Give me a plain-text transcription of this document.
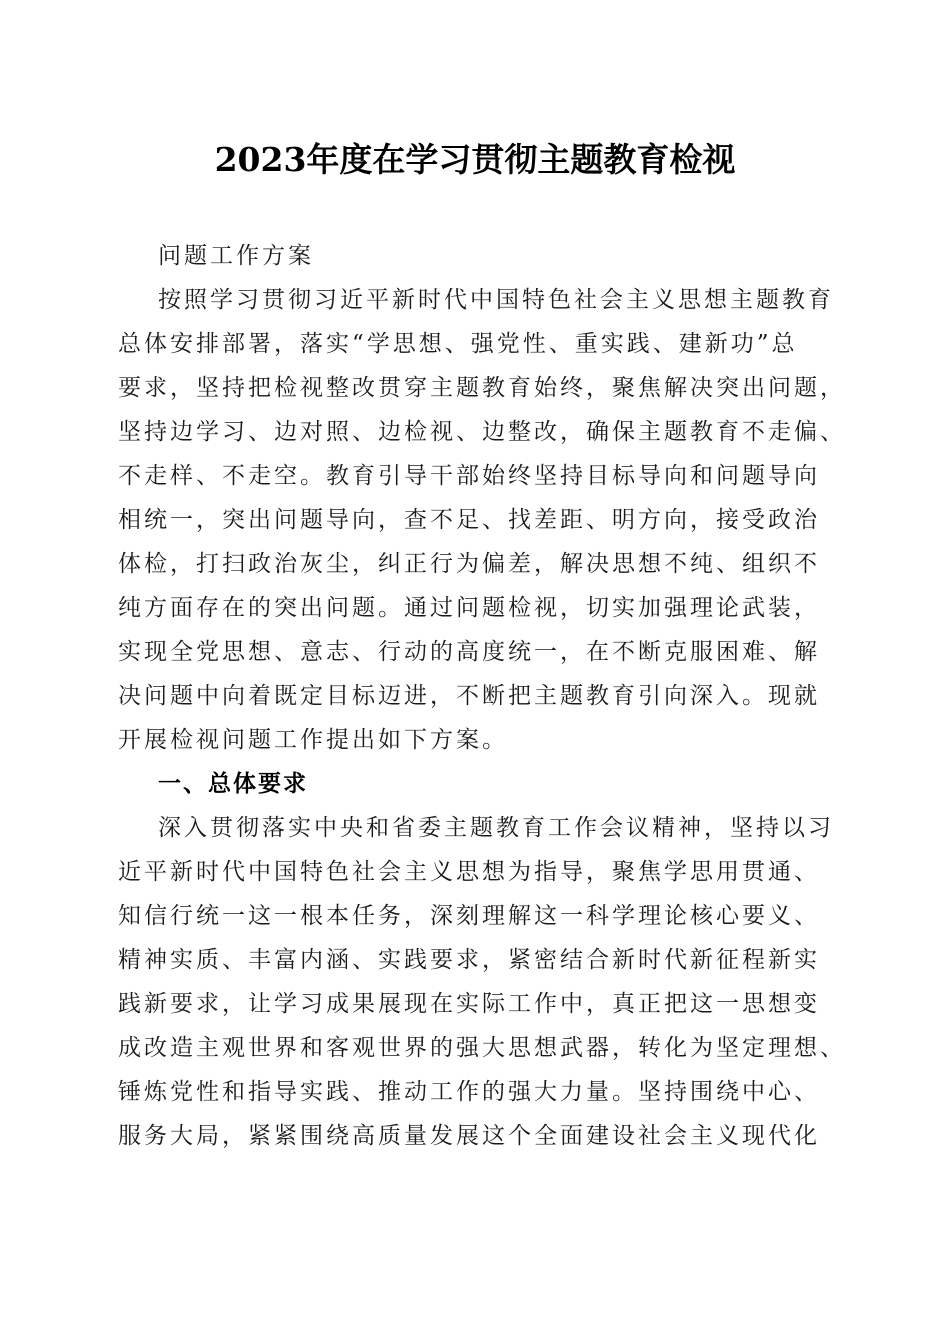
2023年度在学习贯彻主题教育检视
问题工作方案
按照学习贯彻习近平新时代中国特色社会主义思想主题教育
总体安排部署，落实“学思想、强党性、重实践、建新功”总
要求，坚持把检视整改贯穿主题教育始终，聚焦解决突出问题，
坚持边学习、边对照、边检视、边整改，确保主题教育不走偏、
不走样、不走空。教育引导干部始终坚持目标导向和问题导向
相统一，突出问题导向，查不足、找差距、明方向，接受政治
体检，打扫政治灰尘，纠正行为偏差，解决思想不纯、组织不
纯方面存在的突出问题。通过问题检视，切实加强理论武装，
实现全党思想、意志、行动的高度统一，在不断克服困难、解
决问题中向着既定目标迈进，不断把主题教育引向深入。现就
开展检视问题工作提出如下方案。
一、总体要求
深入贯彻落实中央和省委主题教育工作会议精神，坚持以习
近平新时代中国特色社会主义思想为指导，聚焦学思用贯通、
知信行统一这一根本任务，深刻理解这一科学理论核心要义、
精神实质、丰富内涵、实践要求，紧密结合新时代新征程新实
践新要求，让学习成果展现在实际工作中，真正把这一思想变
成改造主观世界和客观世界的强大思想武器，转化为坚定理想、
锤炼党性和指导实践、推动工作的强大力量。坚持围绕中心、
服务大局，紧紧围绕高质量发展这个全面建设社会主义现代化
